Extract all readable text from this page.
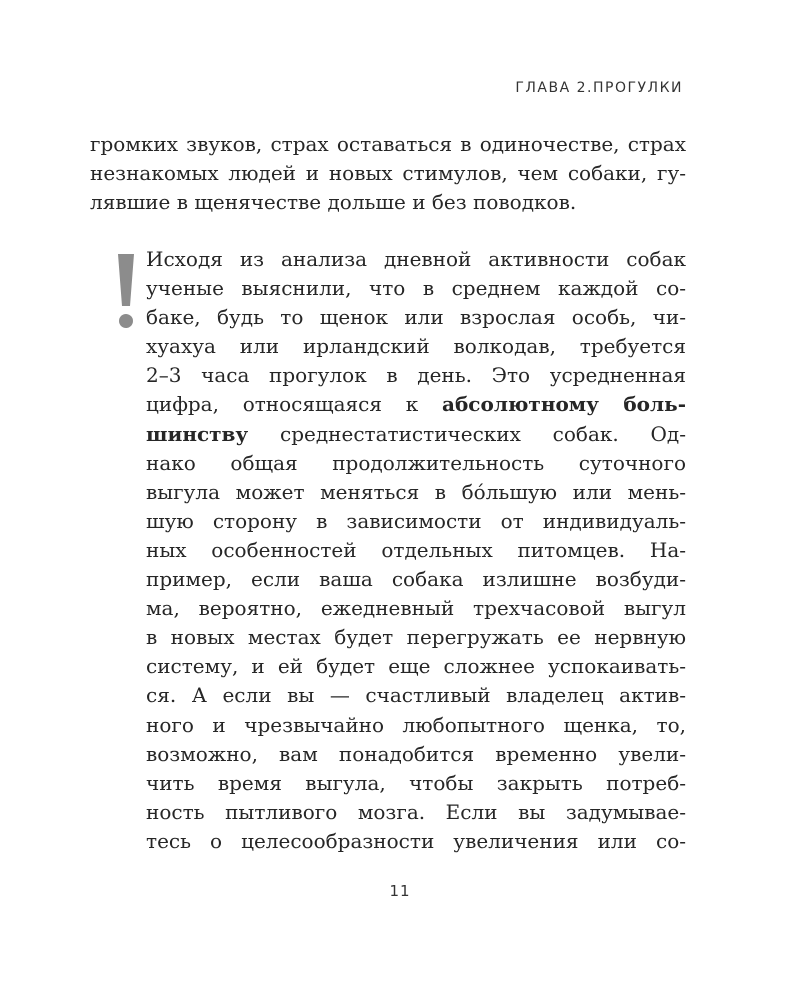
ГЛАВА 2.ПРОГУЛКИ
громких звуков, страх оставаться в одиночестве, страх
незнакомых людей и новых стимулов, чем собаки, гу-
лявшие в щенячестве дольше и без поводков.
Исходя из анализа дневной активности собак
ученые выяснили, что в среднем каждой со-
баке, будь то щенок или взрослая особь, чи-
хуахуа или ирландский волкодав, требуется
2–3 часа прогулок в день. Это усредненная
цифра, относящаяся к абсолютному боль-
шинству среднестатистических собак. Од-
нако общая продолжительность суточного
выгула может меняться в бо́льшую или мень-
шую сторону в зависимости от индивидуаль-
ных особенностей отдельных питомцев. На-
пример, если ваша собака излишне возбуди-
ма, вероятно, ежедневный трехчасовой выгул
в новых местах будет перегружать ее нервную
систему, и ей будет еще сложнее успокаивать-
ся. А если вы — счастливый владелец актив-
ного и чрезвычайно любопытного щенка, то,
возможно, вам понадобится временно увели-
чить время выгула, чтобы закрыть потреб-
ность пытливого мозга. Если вы задумывае-
тесь о целесообразности увеличения или со-
11
